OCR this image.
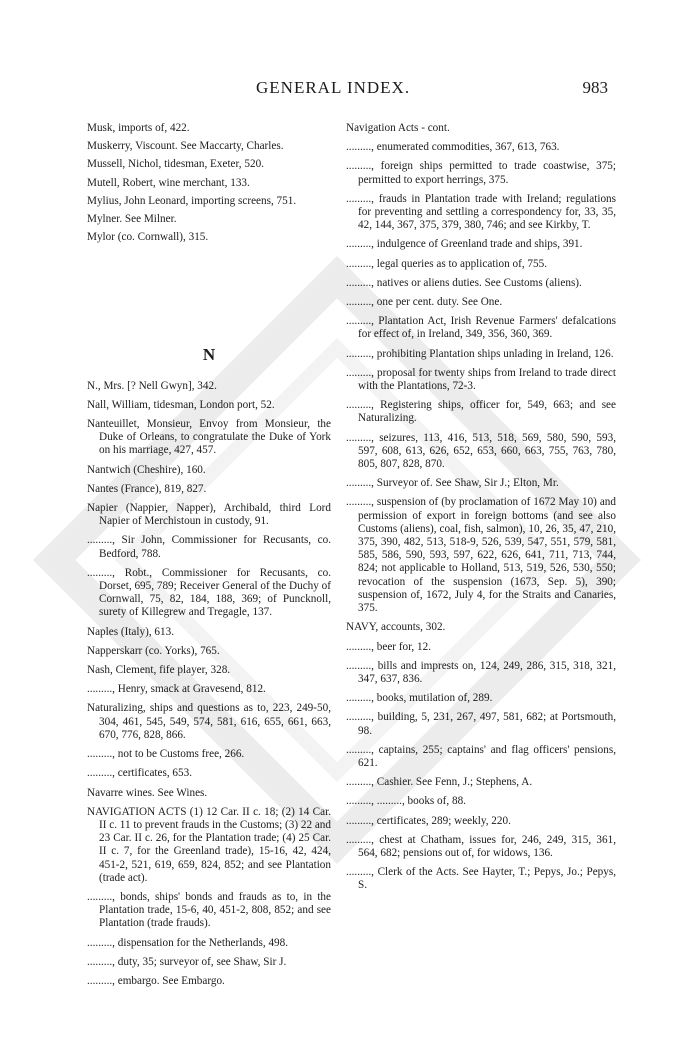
GENERAL INDEX.	983
Musk, imports of, 422.
Muskerry, Viscount. See Maccarty, Charles.
Mussell, Nichol, tidesman, Exeter, 520.
Mutell, Robert, wine merchant, 133.
Mylius, John Leonard, importing screens, 751.
Mylner. See Milner.
Mylor (co. Cornwall), 315.
N
N., Mrs. [? Nell Gwyn], 342.
Nall, William, tidesman, London port, 52.
Nanteuillet, Monsieur, Envoy from Monsieur, the Duke of Orleans, to congratulate the Duke of York on his marriage, 427, 457.
Nantwich (Cheshire), 160.
Nantes (France), 819, 827.
Napier (Nappier, Napper), Archibald, third Lord Napier of Merchistoun in custody, 91.
........., Sir John, Commissioner for Recusants, co. Bedford, 788.
........., Robt., Commissioner for Recusants, co. Dorset, 695, 789; Receiver General of the Duchy of Cornwall, 75, 82, 184, 188, 369; of Puncknoll, surety of Killegrew and Tregagle, 137.
Naples (Italy), 613.
Napperskarr (co. Yorks), 765.
Nash, Clement, fife player, 328.
........., Henry, smack at Gravesend, 812.
Naturalizing, ships and questions as to, 223, 249-50, 304, 461, 545, 549, 574, 581, 616, 655, 661, 663, 670, 776, 828, 866.
........., not to be Customs free, 266.
........., certificates, 653.
Navarre wines. See Wines.
NAVIGATION ACTS (1) 12 Car. II c. 18; (2) 14 Car. II c. 11 to prevent frauds in the Customs; (3) 22 and 23 Car. II c. 26, for the Plantation trade; (4) 25 Car. II c. 7, for the Greenland trade), 15-16, 42, 424, 451-2, 521, 619, 659, 824, 852; and see Plantation (trade act).
........., bonds, ships' bonds and frauds as to, in the Plantation trade, 15-6, 40, 451-2, 808, 852; and see Plantation (trade frauds).
........., dispensation for the Netherlands, 498.
........., duty, 35; surveyor of, see Shaw, Sir J.
........., embargo. See Embargo.
Navigation Acts - cont.
........., enumerated commodities, 367, 613, 763.
........., foreign ships permitted to trade coastwise, 375; permitted to export herrings, 375.
........., frauds in Plantation trade with Ireland; regulations for preventing and settling a correspondency for, 33, 35, 42, 144, 367, 375, 379, 380, 746; and see Kirkby, T.
........., indulgence of Greenland trade and ships, 391.
........., legal queries as to application of, 755.
........., natives or aliens duties. See Customs (aliens).
........., one per cent. duty. See One.
........., Plantation Act, Irish Revenue Farmers' defalcations for effect of, in Ireland, 349, 356, 360, 369.
........., prohibiting Plantation ships unlading in Ireland, 126.
........., proposal for twenty ships from Ireland to trade direct with the Plantations, 72-3.
........., Registering ships, officer for, 549, 663; and see Naturalizing.
........., seizures, 113, 416, 513, 518, 569, 580, 590, 593, 597, 608, 613, 626, 652, 653, 660, 663, 755, 763, 780, 805, 807, 828, 870.
........., Surveyor of. See Shaw, Sir J.; Elton, Mr.
........., suspension of (by proclamation of 1672 May 10) and permission of export in foreign bottoms (and see also Customs (aliens), coal, fish, salmon), 10, 26, 35, 47, 210, 375, 390, 482, 513, 518-9, 526, 539, 547, 551, 579, 581, 585, 586, 590, 593, 597, 622, 626, 641, 711, 713, 744, 824; not applicable to Holland, 513, 519, 526, 530, 550; revocation of the suspension (1673, Sep. 5), 390; suspension of, 1672, July 4, for the Straits and Canaries, 375.
NAVY, accounts, 302.
........., beer for, 12.
........., bills and imprests on, 124, 249, 286, 315, 318, 321, 347, 637, 836.
........., books, mutilation of, 289.
........., building, 5, 231, 267, 497, 581, 682; at Portsmouth, 98.
........., captains, 255; captains' and flag officers' pensions, 621.
........., Cashier. See Fenn, J.; Stephens, A.
........., ........., books of, 88.
........., certificates, 289; weekly, 220.
........., chest at Chatham, issues for, 246, 249, 315, 361, 564, 682; pensions out of, for widows, 136.
........., Clerk of the Acts. See Hayter, T.; Pepys, Jo.; Pepys, S.
